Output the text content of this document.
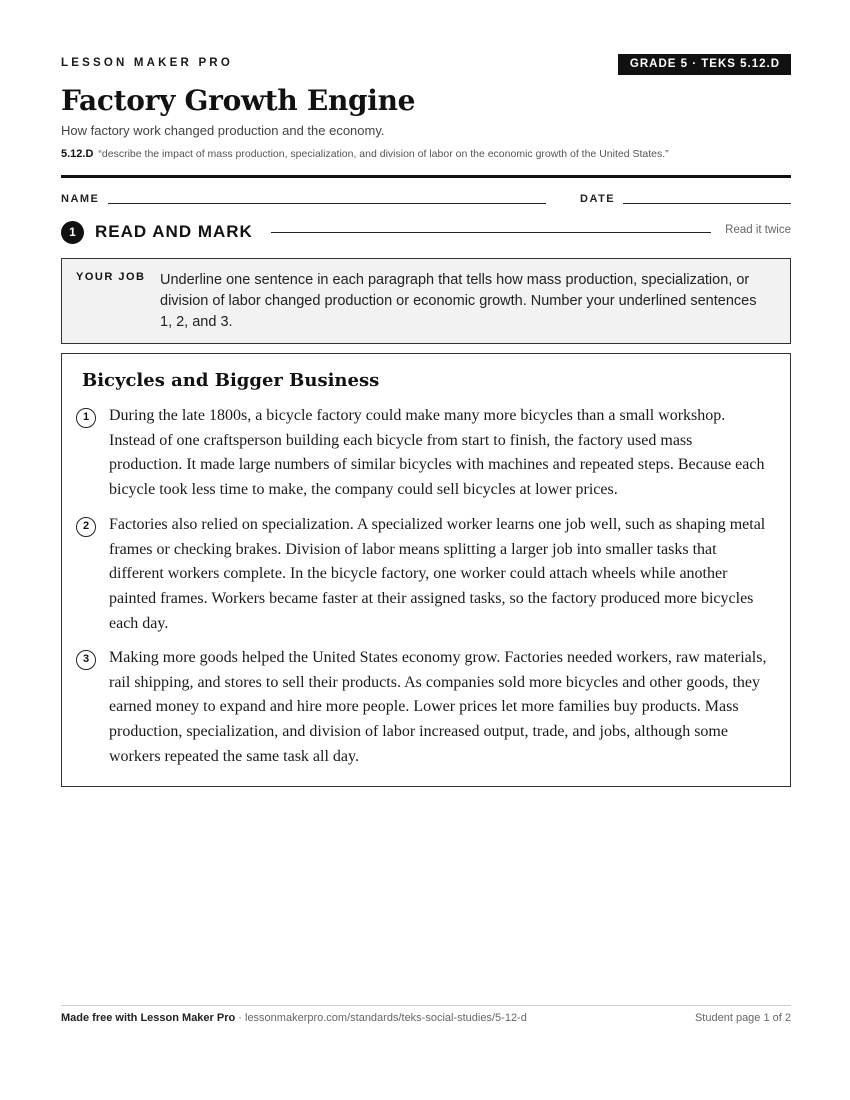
LESSON MAKER PRO	GRADE 5 · TEKS 5.12.D
Factory Growth Engine
How factory work changed production and the economy.
5.12.D “describe the impact of mass production, specialization, and division of labor on the economic growth of the United States.”
NAME	DATE
1	READ AND MARK	Read it twice
YOUR JOB Underline one sentence in each paragraph that tells how mass production, specialization, or division of labor changed production or economic growth. Number your underlined sentences 1, 2, and 3.
Bicycles and Bigger Business
1	During the late 1800s, a bicycle factory could make many more bicycles than a small workshop. Instead of one craftsperson building each bicycle from start to finish, the factory used mass production. It made large numbers of similar bicycles with machines and repeated steps. Because each bicycle took less time to make, the company could sell bicycles at lower prices.

2	Factories also relied on specialization. A specialized worker learns one job well, such as shaping metal frames or checking brakes. Division of labor means splitting a larger job into smaller tasks that different workers complete. In the bicycle factory, one worker could attach wheels while another painted frames. Workers became faster at their assigned tasks, so the factory produced more bicycles each day.

3	Making more goods helped the United States economy grow. Factories needed workers, raw materials, rail shipping, and stores to sell their products. As companies sold more bicycles and other goods, they earned money to expand and hire more people. Lower prices let more families buy products. Mass production, specialization, and division of labor increased output, trade, and jobs, although some workers repeated the same task all day.

Made free with Lesson Maker Pro · lessonmakerpro.com/standards/teks-social-studies/5-12-d	Student page 1 of 2
